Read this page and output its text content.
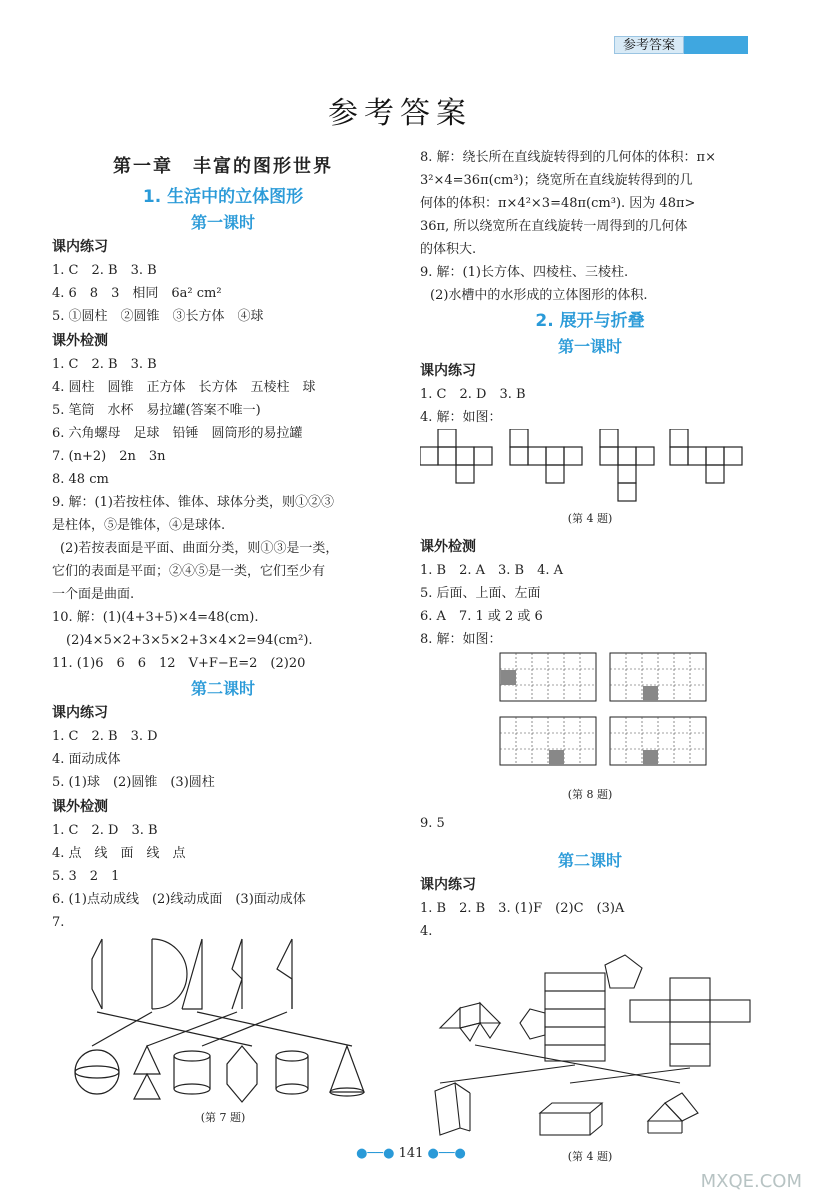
参考答案
参考答案
第一章　丰富的图形世界
1. 生活中的立体图形
第一课时
课内练习
1. C　2. B　3. B
4. 6　8　3　相同　6a² cm²
5. ①圆柱　②圆锥　③长方体　④球
课外检测
1. C　2. B　3. B
4. 圆柱　圆锥　正方体　长方体　五棱柱　球
5. 笔筒　水杯　易拉罐(答案不唯一)
6. 六角螺母　足球　铅锤　圆筒形的易拉罐
7. (n+2)　2n　3n
8. 48 cm
9. 解：(1)若按柱体、锥体、球体分类，则①②③
是柱体，⑤是锥体，④是球体.
(2)若按表面是平面、曲面分类，则①③是一类，
它们的表面是平面；②④⑤是一类，它们至少有
一个面是曲面.
10. 解：(1)(4+3+5)×4=48(cm).
(2)4×5×2+3×5×2+3×4×2=94(cm²).
11. (1)6　6　6　12　V+F−E=2　(2)20
第二课时
课内练习
1. C　2. B　3. D
4. 面动成体
5. (1)球　(2)圆锥　(3)圆柱
课外检测
1. C　2. D　3. B
4. 点　线　面　线　点
5. 3　2　1
6. (1)点动成线　(2)线动成面　(3)面动成体
7.
(第 7 题)
8. 解：绕长所在直线旋转得到的几何体的体积：π×
3²×4=36π(cm³)；绕宽所在直线旋转得到的几
何体的体积：π×4²×3=48π(cm³). 因为 48π>
36π, 所以绕宽所在直线旋转一周得到的几何体
的体积大.
9. 解：(1)长方体、四棱柱、三棱柱.
(2)水槽中的水形成的立体图形的体积.
2. 展开与折叠
第一课时
课内练习
1. C　2. D　3. B
4. 解：如图：
(第 4 题)
课外检测
1. B　2. A　3. B　4. A
5. 后面、上面、左面
6. A　7. 1 或 2 或 6
8. 解：如图：
(第 8 题)
9. 5
第二课时
课内练习
1. B　2. B　3. (1)F　(2)C　(3)A
4.
(第 4 题)
●──● 141 ●──●
MXQE.COM
